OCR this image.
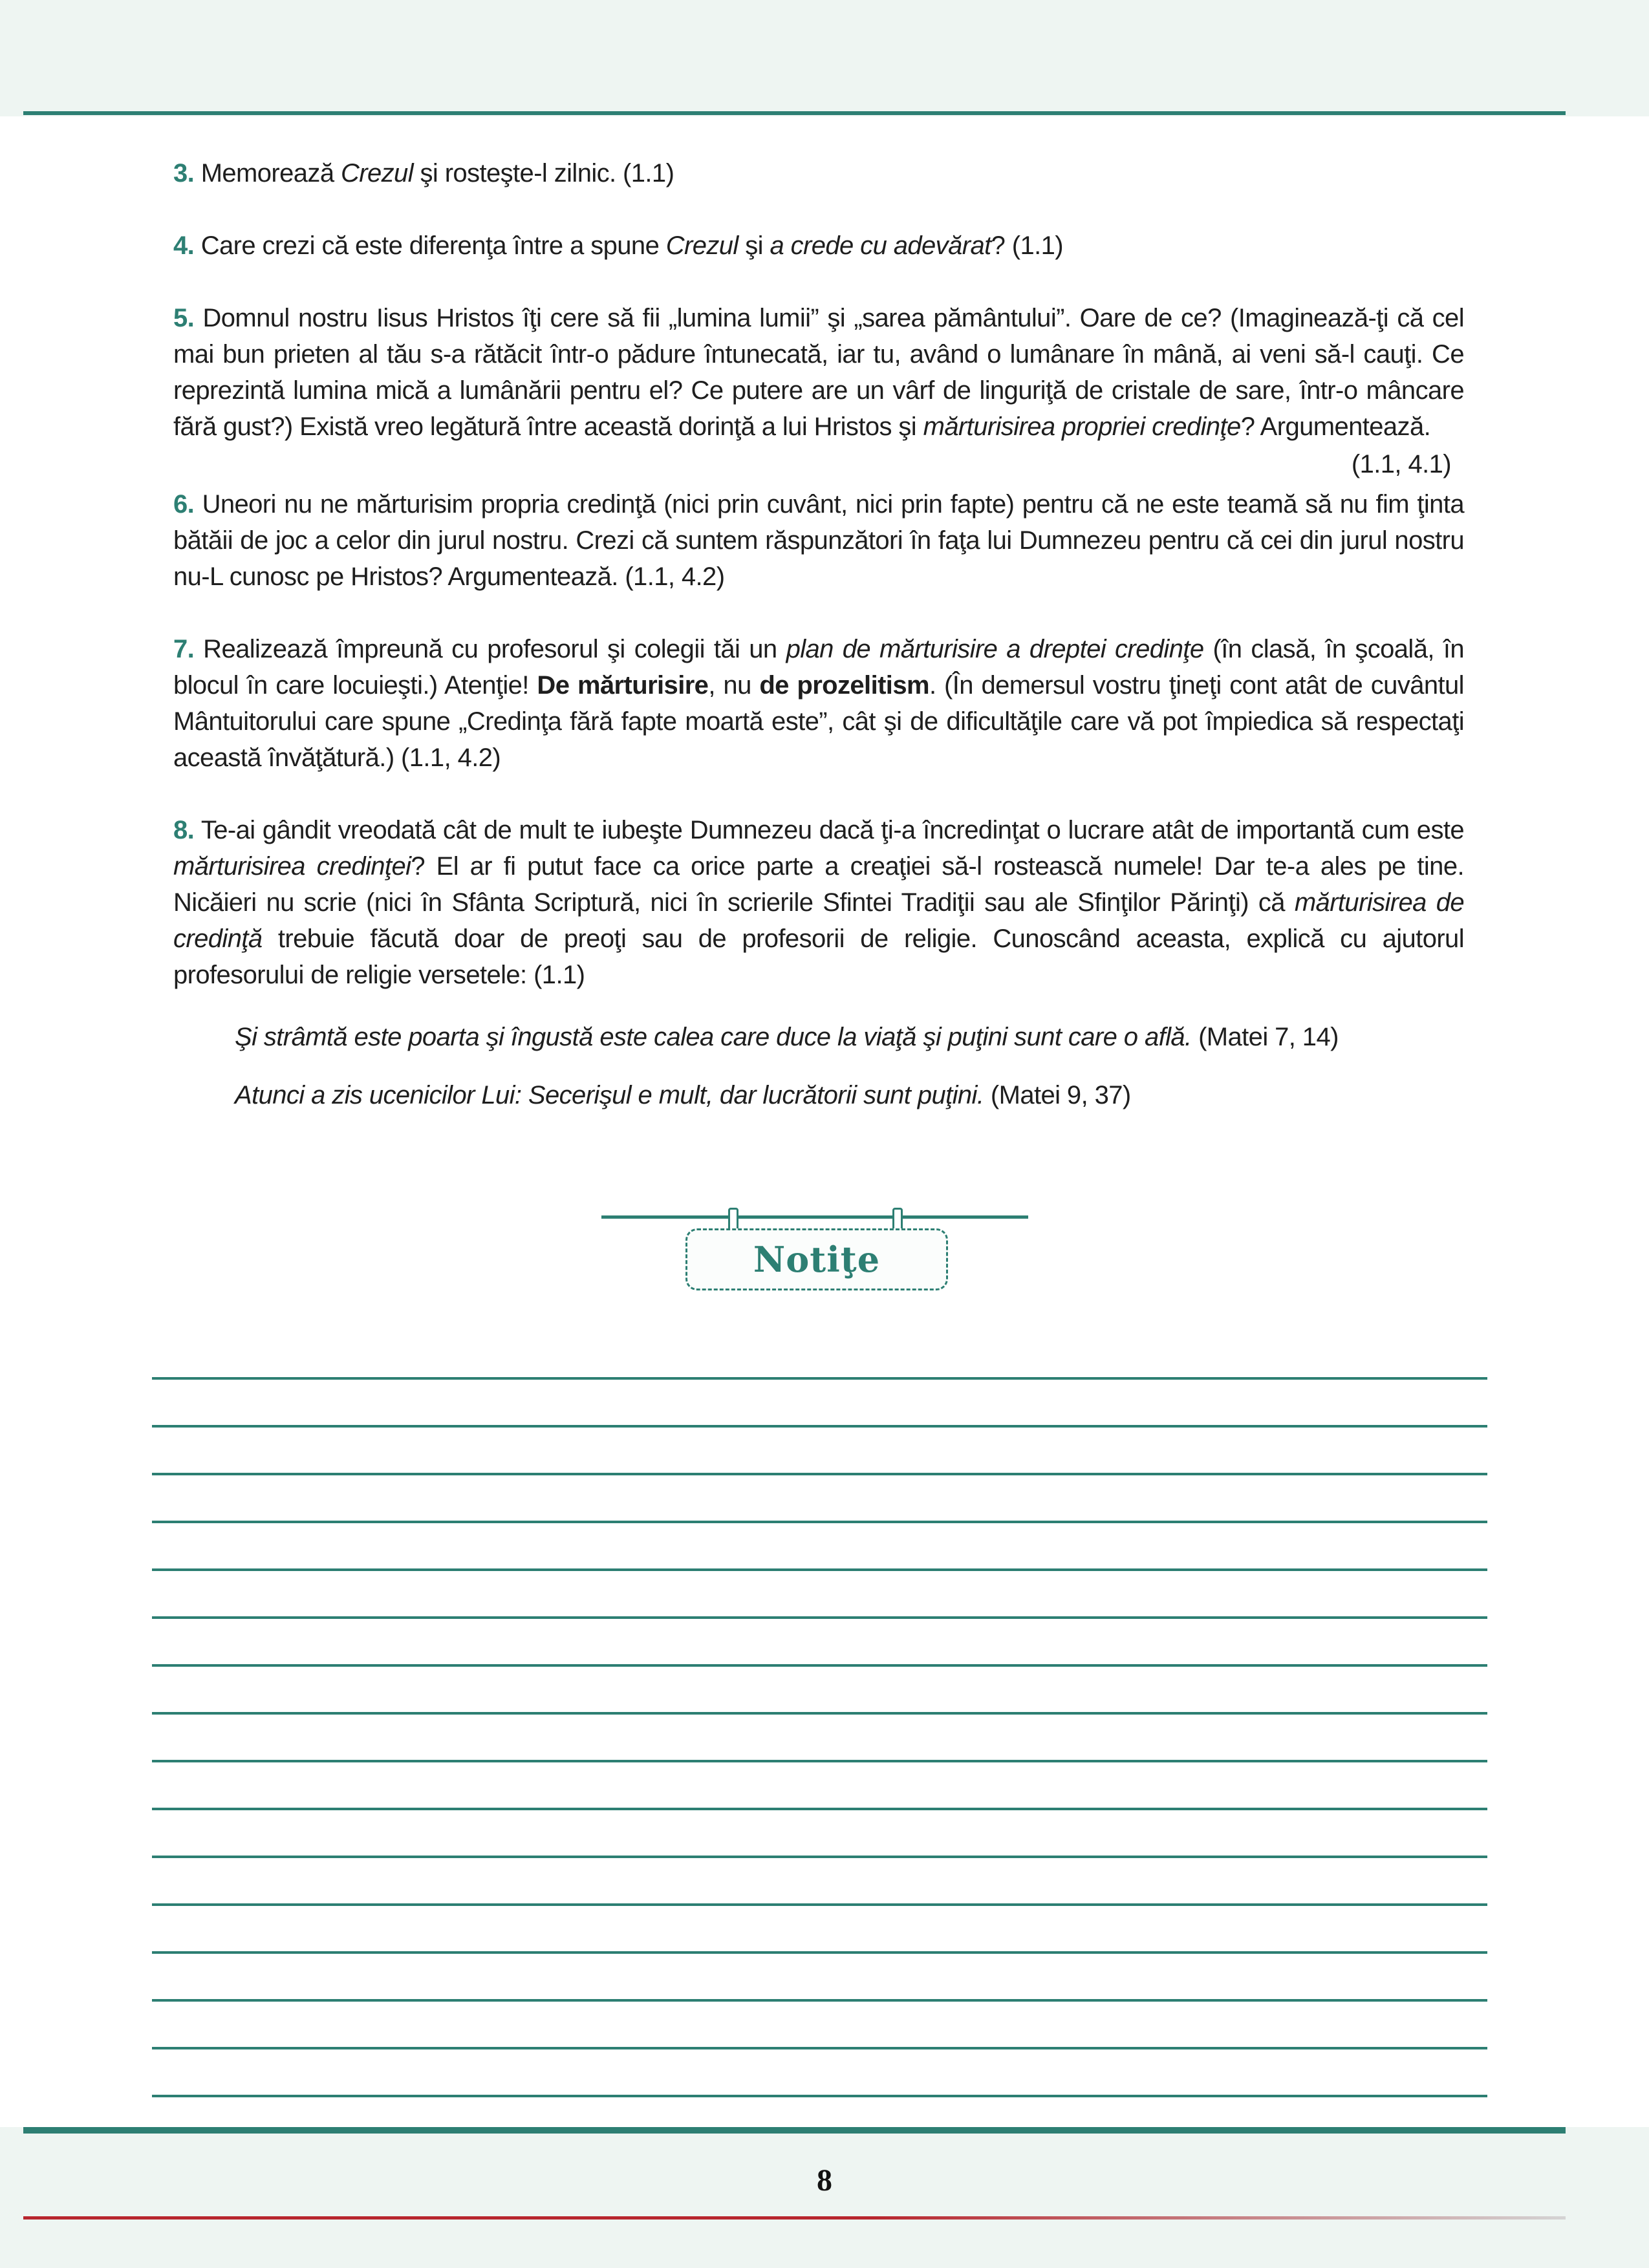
3. Memorează Crezul şi rosteşte-l zilnic. (1.1)

4. Care crezi că este diferenţa între a spune Crezul şi a crede cu adevărat? (1.1)

5. Domnul nostru Iisus Hristos îţi cere să fii „lumina lumii” şi „sarea pământului”. Oare de ce? (Imaginează-ţi că cel mai bun prieten al tău s-a rătăcit într-o pădure întunecată, iar tu, având o lumânare în mână, ai veni să-l cauţi. Ce reprezintă lumina mică a lumânării pentru el? Ce putere are un vârf de linguriţă de cristale de sare, într-o mâncare fără gust?) Există vreo legătură între această dorinţă a lui Hristos şi mărturisirea propriei credinţe? Argumentează.

(1.1, 4.1)

6. Uneori nu ne mărturisim propria credinţă (nici prin cuvânt, nici prin fapte) pentru că ne este teamă să nu fim ţinta bătăii de joc a celor din jurul nostru. Crezi că suntem răspunzători în faţa lui Dumnezeu pentru că cei din jurul nostru nu-L cunosc pe Hristos? Argumentează. (1.1, 4.2)

7. Realizează împreună cu profesorul şi colegii tăi un plan de mărturisire a dreptei credinţe (în clasă, în şcoală, în blocul în care locuieşti.) Atenţie! De mărturisire, nu de prozelitism. (În demersul vostru ţineţi cont atât de cuvântul Mântuitorului care spune „Credinţa fără fapte moartă este”, cât şi de dificultăţile care vă pot împiedica să respectaţi această învăţătură.) (1.1, 4.2)

8. Te-ai gândit vreodată cât de mult te iubeşte Dumnezeu dacă ţi-a încredinţat o lucrare atât de importantă cum este mărturisirea credinţei? El ar fi putut face ca orice parte a creaţiei să-l rostească numele! Dar te-a ales pe tine. Nicăieri nu scrie (nici în Sfânta Scriptură, nici în scrierile Sfintei Tradiţii sau ale Sfinţilor Părinţi) că mărturisirea de credinţă trebuie făcută doar de preoţi sau de profesorii de religie. Cunoscând aceasta, explică cu ajutorul profesorului de religie versetele: (1.1)

Şi strâmtă este poarta şi îngustă este calea care duce la viaţă şi puţini sunt care o află. (Matei 7, 14)

Atunci a zis ucenicilor Lui: Secerişul e mult, dar lucrătorii sunt puţini. (Matei 9, 37)

Notiţe
8
